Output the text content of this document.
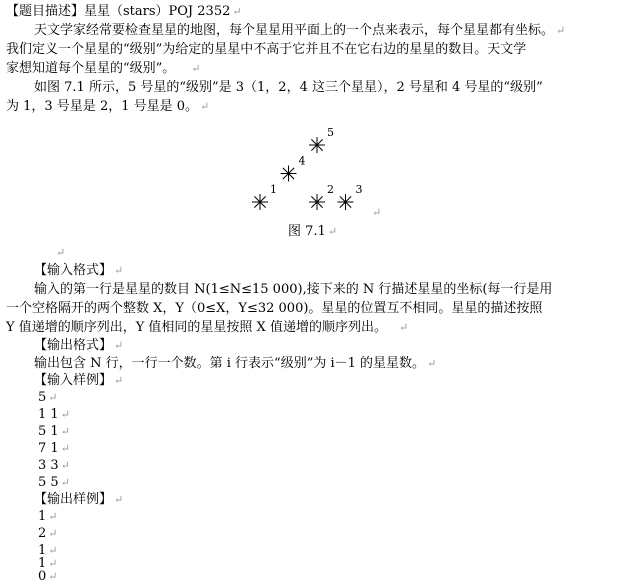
【题目描述】星星（stars）POJ 2352 ↵
天文学家经常要检查星星的地图，每个星星用平面上的一个点来表示，每个星星都有坐标。 ↵
我们定义一个星星的“级别”为给定的星星中不高于它并且不在它右边的星星的数目。天文学
家想知道每个星星的“级别”。 ↵
如图 7.1 所示，5 号星的“级别”是 3（1，2，4 这三个星星），2 号星和 4 号星的“级别”
为 1，3 号星是 2，1 号星是 0。 ↵
1
4
5
2 3
↵
图 7.1 ↵
↵
【输入格式】 ↵
输入的第一行是星星的数目 N(1≤N≤15 000),接下来的 N 行描述星星的坐标(每一行是用
一个空格隔开的两个整数 X，Y（0≤X，Y≤32 000)。星星的位置互不相同。星星的描述按照
Y 值递增的顺序列出，Y 值相同的星星按照 X 值递增的顺序列出。 ↵
【输出格式】 ↵
输出包含 N 行，一行一个数。第 i 行表示“级别”为 i－1 的星星数。 ↵
【输入样例】 ↵
5 ↵
1 1 ↵
5 1 ↵
7 1 ↵
3 3 ↵
5 5 ↵
【输出样例】 ↵
1 ↵
2 ↵
1 ↵
1 ↵
0 ↵
